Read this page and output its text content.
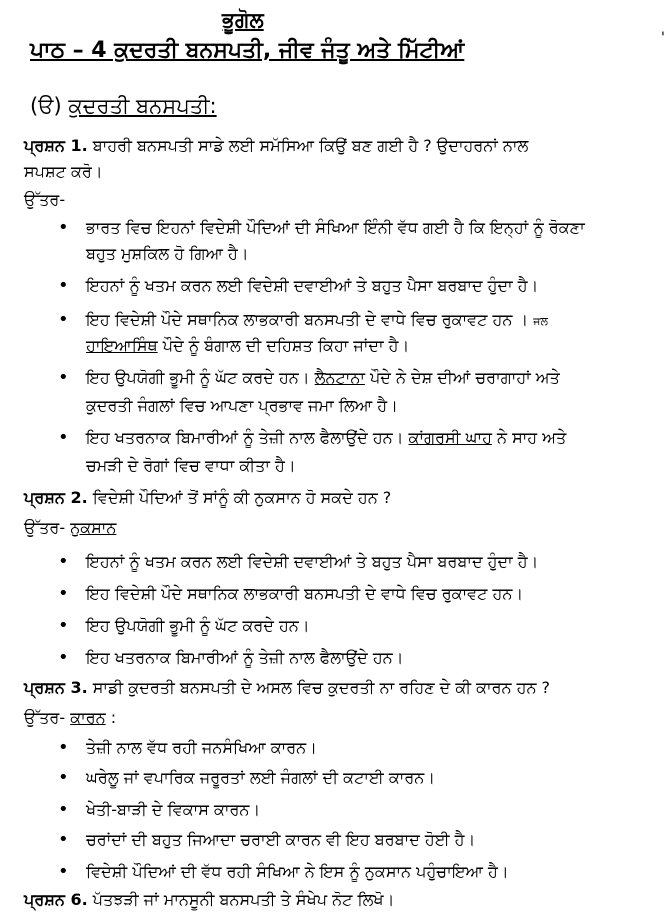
ਭੂਗੋਲ
ਪਾਠ – 4 ਕੁਦਰਤੀ ਬਨਸਪਤੀ, ਜੀਵ ਜੰਤੂ ਅਤੇ ਮਿੱਟੀਆਂ	'
(ੳ) ਕੁਦਰਤੀ ਬਨਸਪਤੀ:
ਪ੍ਰਸ਼ਨ 1. ਬਾਹਰੀ ਬਨਸਪਤੀ ਸਾਡੇ ਲਈ ਸਮੱਸਿਆ ਕਿਉਂ ਬਣ ਗਈ ਹੈ ? ਉਦਾਹਰਨਾਂ ਨਾਲ
ਸਪਸ਼ਟ ਕਰੋ।
ਉੱਤਰ-
• ਭਾਰਤ ਵਿਚ ਇਹਨਾਂ ਵਿਦੇਸ਼ੀ ਪੌਦਿਆਂ ਦੀ ਸੰਖਿਆ ਇੰਨੀ ਵੱਧ ਗਈ ਹੈ ਕਿ ਇਨ੍ਹਾਂ ਨੂੰ ਰੋਕਣਾ
ਬਹੁਤ ਮੁਸ਼ਕਿਲ ਹੋ ਗਿਆ ਹੈ।
• ਇਹਨਾਂ ਨੂੰ ਖਤਮ ਕਰਨ ਲਈ ਵਿਦੇਸ਼ੀ ਦਵਾਈਆਂ ਤੇ ਬਹੁਤ ਪੈਸਾ ਬਰਬਾਦ ਹੁੰਦਾ ਹੈ।
• ਇਹ ਵਿਦੇਸ਼ੀ ਪੌਦੇ ਸਥਾਨਿਕ ਲਾਭਕਾਰੀ ਬਨਸਪਤੀ ਦੇ ਵਾਧੇ ਵਿਚ ਰੁਕਾਵਟ ਹਨ । ਜਲ
ਹਾਇਆਸਿੰਥ ਪੌਦੇ ਨੂੰ ਬੰਗਾਲ ਦੀ ਦਹਿਸ਼ਤ ਕਿਹਾ ਜਾਂਦਾ ਹੈ।
• ਇਹ ਉਪਯੋਗੀ ਭੂਮੀ ਨੂੰ ਘੱਟ ਕਰਦੇ ਹਨ। ਲੈਨਟਾਨਾ ਪੌਦੇ ਨੇ ਦੇਸ਼ ਦੀਆਂ ਚਰਾਗਾਹਾਂ ਅਤੇ
ਕੁਦਰਤੀ ਜੰਗਲਾਂ ਵਿਚ ਆਪਣਾ ਪ੍ਰਭਾਵ ਜਮਾ ਲਿਆ ਹੈ।
• ਇਹ ਖਤਰਨਾਕ ਬਿਮਾਰੀਆਂ ਨੂੰ ਤੇਜ਼ੀ ਨਾਲ ਫੈਲਾਉਂਦੇ ਹਨ। ਕਾਂਗਰਸੀ ਘਾਹ ਨੇ ਸਾਹ ਅਤੇ
ਚਮੜੀ ਦੇ ਰੋਗਾਂ ਵਿਚ ਵਾਧਾ ਕੀਤਾ ਹੈ।
ਪ੍ਰਸ਼ਨ 2. ਵਿਦੇਸ਼ੀ ਪੌਦਿਆਂ ਤੋਂ ਸਾਂਨੂੰ ਕੀ ਨੁਕਸਾਨ ਹੋ ਸਕਦੇ ਹਨ ?
ਉੱਤਰ- ਨੁਕਸਾਨ
• ਇਹਨਾਂ ਨੂੰ ਖਤਮ ਕਰਨ ਲਈ ਵਿਦੇਸ਼ੀ ਦਵਾਈਆਂ ਤੇ ਬਹੁਤ ਪੈਸਾ ਬਰਬਾਦ ਹੁੰਦਾ ਹੈ।
• ਇਹ ਵਿਦੇਸ਼ੀ ਪੌਦੇ ਸਥਾਨਿਕ ਲਾਭਕਾਰੀ ਬਨਸਪਤੀ ਦੇ ਵਾਧੇ ਵਿਚ ਰੁਕਾਵਟ ਹਨ।
• ਇਹ ਉਪਯੋਗੀ ਭੂਮੀ ਨੂੰ ਘੱਟ ਕਰਦੇ ਹਨ।
• ਇਹ ਖਤਰਨਾਕ ਬਿਮਾਰੀਆਂ ਨੂੰ ਤੇਜ਼ੀ ਨਾਲ ਫੈਲਾਉਂਦੇ ਹਨ।
ਪ੍ਰਸ਼ਨ 3. ਸਾਡੀ ਕੁਦਰਤੀ ਬਨਸਪਤੀ ਦੇ ਅਸਲ ਵਿਚ ਕੁਦਰਤੀ ਨਾ ਰਹਿਣ ਦੇ ਕੀ ਕਾਰਨ ਹਨ ?
ਉੱਤਰ- ਕਾਰਨ :
• ਤੇਜ਼ੀ ਨਾਲ ਵੱਧ ਰਹੀ ਜਨਸੰਖਿਆ ਕਾਰਨ।
• ਘਰੇਲੂ ਜਾਂ ਵਪਾਰਿਕ ਜਰੂਰਤਾਂ ਲਈ ਜੰਗਲਾਂ ਦੀ ਕਟਾਈ ਕਾਰਨ।
• ਖੇਤੀ-ਬਾੜੀ ਦੇ ਵਿਕਾਸ ਕਾਰਨ।
• ਚਰਾਂਦਾਂ ਦੀ ਬਹੁਤ ਜਿਆਦਾ ਚਰਾਈ ਕਾਰਨ ਵੀ ਇਹ ਬਰਬਾਦ ਹੋਈ ਹੈ।
• ਵਿਦੇਸ਼ੀ ਪੌਦਿਆਂ ਦੀ ਵੱਧ ਰਹੀ ਸੰਖਿਆ ਨੇ ਇਸ ਨੂੰ ਨੁਕਸਾਨ ਪਹੁੰਚਾਇਆ ਹੈ।
ਪ੍ਰਸ਼ਨ 6. ਪੱਤਝੜੀ ਜਾਂ ਮਾਨਸੂਨੀ ਬਨਸਪਤੀ ਤੇ ਸੰਖੇਪ ਨੋਟ ਲਿਖੋ।
